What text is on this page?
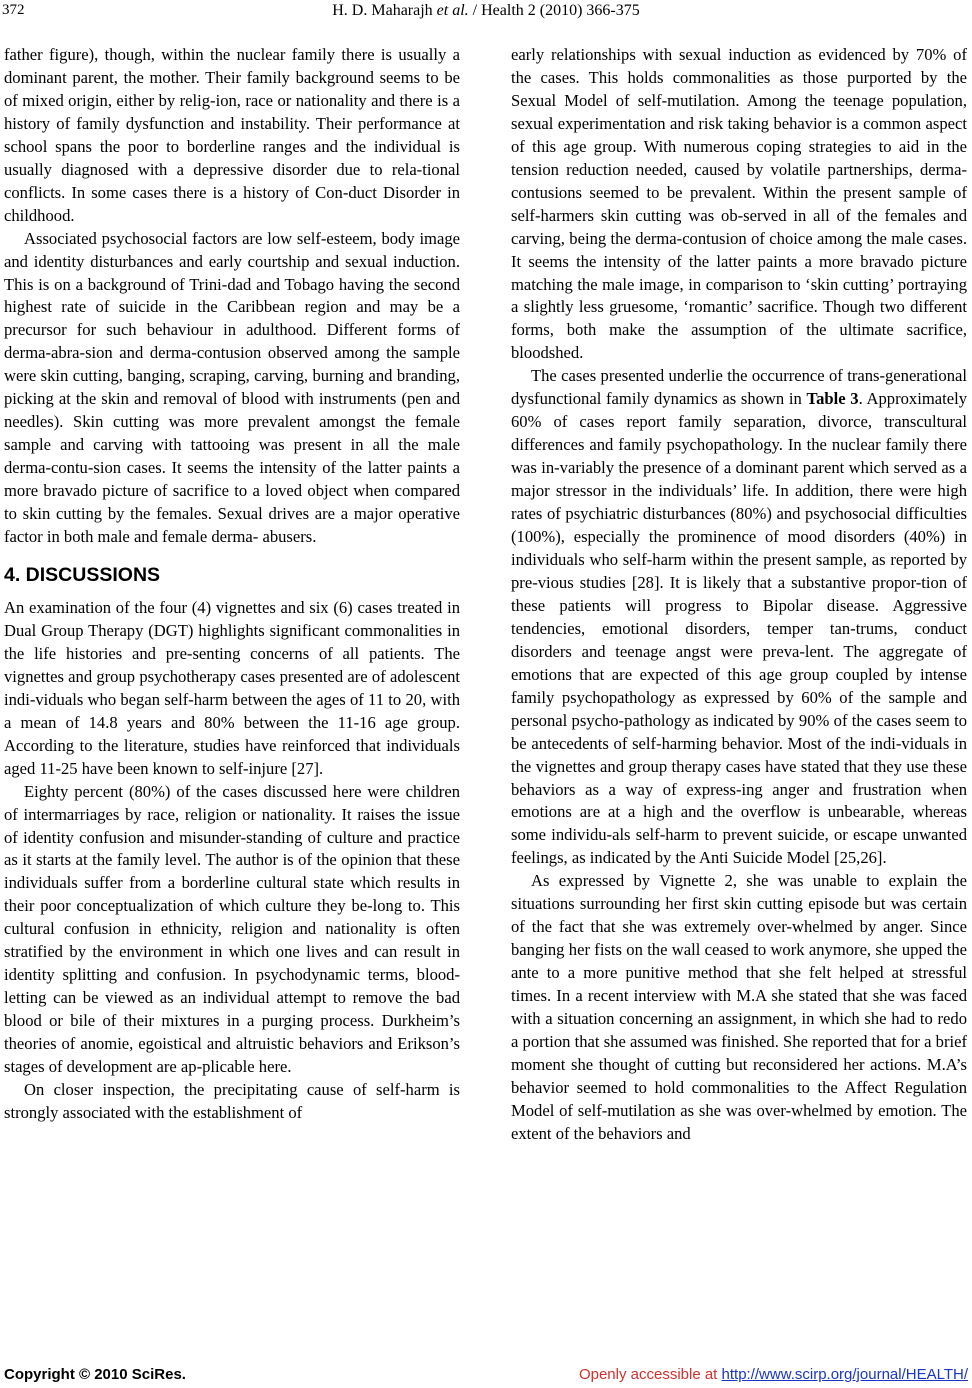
372	H. D. Maharajh et al. / Health 2 (2010) 366-375

father figure), though, within the nuclear family there is usually a dominant parent, the mother. Their family background seems to be of mixed origin, either by relig-ion, race or nationality and there is a history of family dysfunction and instability. Their performance at school spans the poor to borderline ranges and the individual is usually diagnosed with a depressive disorder due to rela-tional conflicts. In some cases there is a history of Con-duct Disorder in childhood.

Associated psychosocial factors are low self-esteem, body image and identity disturbances and early courtship and sexual induction. This is on a background of Trini-dad and Tobago having the second highest rate of suicide in the Caribbean region and may be a precursor for such behaviour in adulthood. Different forms of derma-abra-sion and derma-contusion observed among the sample were skin cutting, banging, scraping, carving, burning and branding, picking at the skin and removal of blood with instruments (pen and needles). Skin cutting was more prevalent amongst the female sample and carving with tattooing was present in all the male derma-contu-sion cases. It seems the intensity of the latter paints a more bravado picture of sacrifice to a loved object when compared to skin cutting by the females. Sexual drives are a major operative factor in both male and female derma- abusers.

4. DISCUSSIONS

An examination of the four (4) vignettes and six (6) cases treated in Dual Group Therapy (DGT) highlights significant commonalities in the life histories and pre-senting concerns of all patients. The vignettes and group psychotherapy cases presented are of adolescent indi-viduals who began self-harm between the ages of 11 to 20, with a mean of 14.8 years and 80% between the 11-16 age group. According to the literature, studies have reinforced that individuals aged 11-25 have been known to self-injure [27].

Eighty percent (80%) of the cases discussed here were children of intermarriages by race, religion or nationality. It raises the issue of identity confusion and misunder-standing of culture and practice as it starts at the family level. The author is of the opinion that these individuals suffer from a borderline cultural state which results in their poor conceptualization of which culture they be-long to. This cultural confusion in ethnicity, religion and nationality is often stratified by the environment in which one lives and can result in identity splitting and confusion. In psychodynamic terms, blood- letting can be viewed as an individual attempt to remove the bad blood or bile of their mixtures in a purging process. Durkheim’s theories of anomie, egoistical and altruistic behaviors and Erikson’s stages of development are ap-plicable here.

On closer inspection, the precipitating cause of self-harm is strongly associated with the establishment of

early relationships with sexual induction as evidenced by 70% of the cases. This holds commonalities as those purported by the Sexual Model of self-mutilation. Among the teenage population, sexual experimentation and risk taking behavior is a common aspect of this age group. With numerous coping strategies to aid in the tension reduction needed, caused by volatile partnerships, derma-contusions seemed to be prevalent. Within the present sample of self-harmers skin cutting was ob-served in all of the females and carving, being the derma-contusion of choice among the male cases. It seems the intensity of the latter paints a more bravado picture matching the male image, in comparison to ‘skin cutting’ portraying a slightly less gruesome, ‘romantic’ sacrifice. Though two different forms, both make the assumption of the ultimate sacrifice, bloodshed.

The cases presented underlie the occurrence of trans-generational dysfunctional family dynamics as shown in Table 3. Approximately 60% of cases report family separation, divorce, transcultural differences and family psychopathology. In the nuclear family there was in-variably the presence of a dominant parent which served as a major stressor in the individuals’ life. In addition, there were high rates of psychiatric disturbances (80%) and psychosocial difficulties (100%), especially the prominence of mood disorders (40%) in individuals who self-harm within the present sample, as reported by pre-vious studies [28]. It is likely that a substantive propor-tion of these patients will progress to Bipolar disease. Aggressive tendencies, emotional disorders, temper tan-trums, conduct disorders and teenage angst were preva-lent. The aggregate of emotions that are expected of this age group coupled by intense family psychopathology as expressed by 60% of the sample and personal psycho-pathology as indicated by 90% of the cases seem to be antecedents of self-harming behavior. Most of the indi-viduals in the vignettes and group therapy cases have stated that they use these behaviors as a way of express-ing anger and frustration when emotions are at a high and the overflow is unbearable, whereas some individu-als self-harm to prevent suicide, or escape unwanted feelings, as indicated by the Anti Suicide Model [25,26].

As expressed by Vignette 2, she was unable to explain the situations surrounding her first skin cutting episode but was certain of the fact that she was extremely over-whelmed by anger. Since banging her fists on the wall ceased to work anymore, she upped the ante to a more punitive method that she felt helped at stressful times. In a recent interview with M.A she stated that she was faced with a situation concerning an assignment, in which she had to redo a portion that she assumed was finished. She reported that for a brief moment she thought of cutting but reconsidered her actions. M.A’s behavior seemed to hold commonalities to the Affect Regulation Model of self-mutilation as she was over-whelmed by emotion. The extent of the behaviors and

Copyright © 2010 SciRes.	Openly accessible at http://www.scirp.org/journal/HEALTH/
